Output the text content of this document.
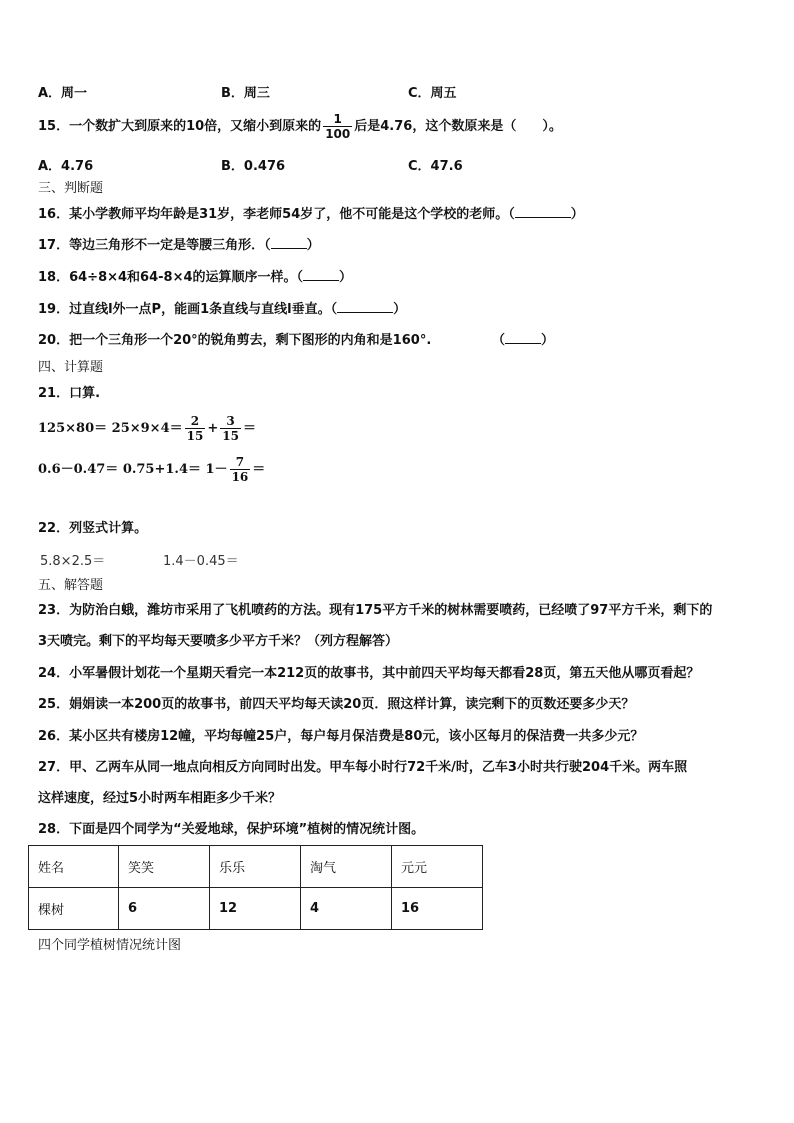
A．周一	B．周三	C．周五
15．一个数扩大到原来的10倍，又缩小到原来的 $\frac{1}{100}$ 后是4.76，这个数原来是（　　）。
A．4.76	B．0.476	C．47.6
三、判断题
16．某小学教师平均年龄是31岁，李老师54岁了，他不可能是这个学校的老师。（	）
17．等边三角形不一定是等腰三角形．（	）
18．64÷8×4和64-8×4的运算顺序一样。（	）
19．过直线l外一点P，能画1条直线与直线l垂直。（	）
20．把一个三角形一个20°的锐角剪去，剩下图形的内角和是160°.	（	）
四、计算题
21．口算.
$125\times 80= 25\times 9\times 4= \frac{2}{15} + \frac{3}{15}$ ＝
$0.6-0.47= 0.75+1.4= 1- \frac{7}{16}$ ＝
22．列竖式计算。
5.8×2.5＝	1.4－0.45＝
五、解答题
23．为防治白蛾，潍坊市采用了飞机喷药的方法。现有175平方千米的树林需要喷药，已经喷了97平方千米，剩下的
3天喷完。剩下的平均每天要喷多少平方千米？（列方程解答）
24．小军暑假计划花一个星期天看完一本212页的故事书，其中前四天平均每天都看28页，第五天他从哪页看起？
25．娟娟读一本200页的故事书，前四天平均每天读20页．照这样计算，读完剩下的页数还要多少天？
26．某小区共有楼房12幢，平均每幢25户，每户每月保洁费是80元，该小区每月的保洁费一共多少元？
27．甲、乙两车从同一地点向相反方向同时出发。甲车每小时行72千米/时，乙车3小时共行驶204千米。两车照
这样速度，经过5小时两车相距多少千米？
28．下面是四个同学为“关爱地球，保护环境”植树的情况统计图。
姓名	笑笑	乐乐	淘气	元元
棵树	6	12	4	16
四个同学植树情况统计图
